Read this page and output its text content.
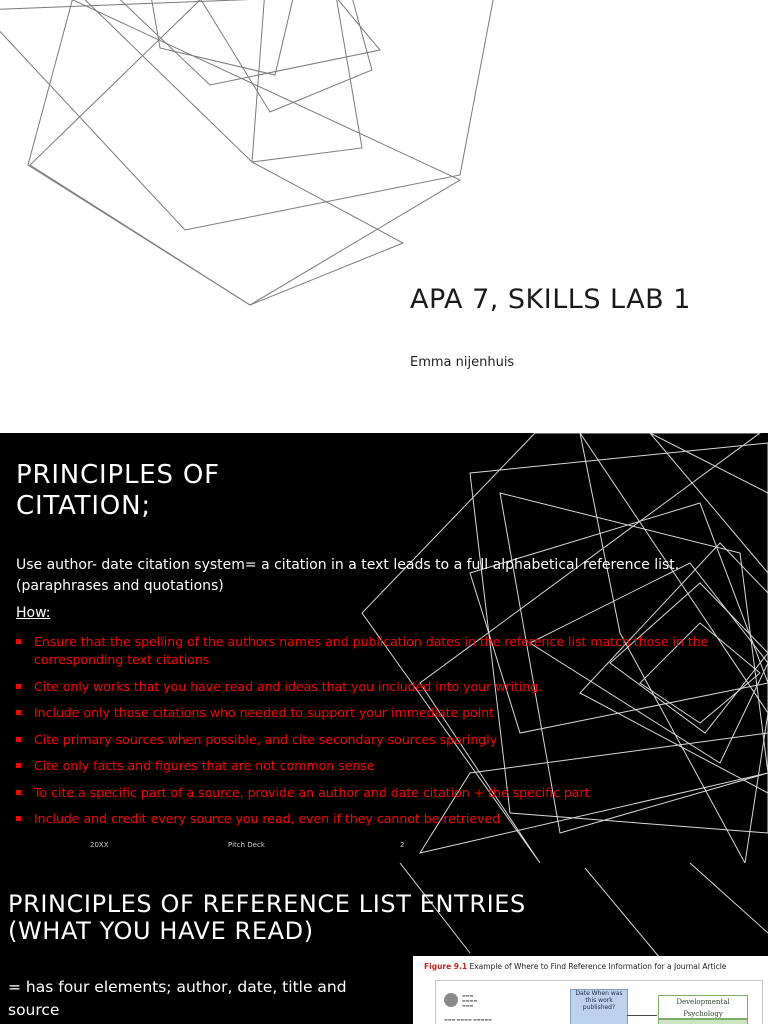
APA 7, SKILLS LAB 1

Emma nijenhuis

PRINCIPLES OF CITATION;

Use author- date citation system= a citation in a text leads to a full alphabetical reference list. (paraphrases and quotations)

How:

Ensure that the spelling of the authors names and publication dates in the reference list match those in the corresponding text citations
Cite only works that you have read and ideas that you included into your writing.
Include only those citations who needed to support your immediate point
Cite primary sources when possible, and cite secondary sources sparingly
Cite only facts and figures that are not common sense
To cite a specific part of a source, provide an author and date citation + the specific part
Include and credit every source you read, even if they cannot be retrieved
20XX	Pitch Deck	2
PRINCIPLES OF REFERENCE LIST ENTRIES (WHAT YOU HAVE READ)

= has four elements; author, date, title and source

Figure 9.1 Example of Where to Find Reference Information for a Journal Article
▬▬▬
▬▬▬▬
▬▬▬
▬▬▬ ▬▬▬▬ ▬▬▬▬▬
Date When was this work published?
Developmental Psychology
